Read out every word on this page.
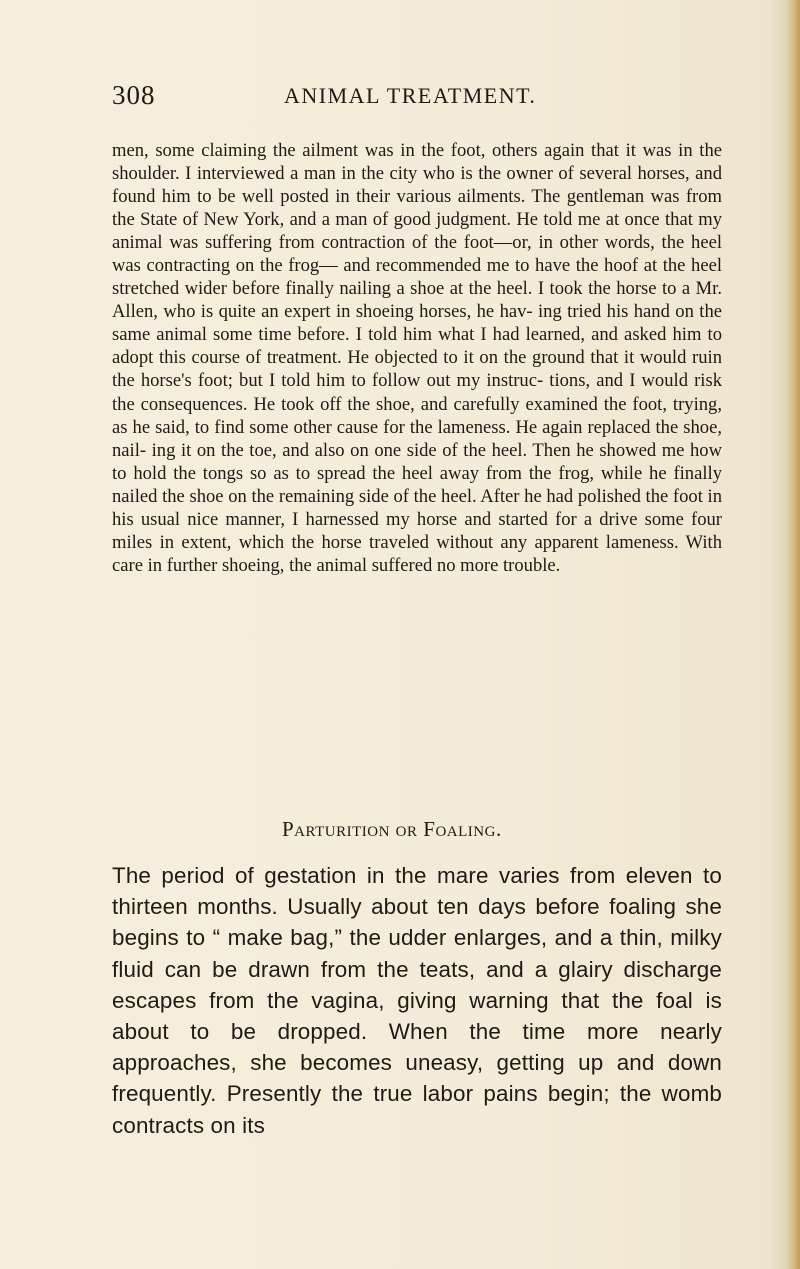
308	ANIMAL TREATMENT.

men, some claiming the ailment was in the foot, others again that it was in the shoulder. I interviewed a man in the city who is the owner of several horses, and found him to be well posted in their various ailments. The gentleman was from the State of New York, and a man of good judgment. He told me at once that my animal was suffering from contraction of the foot—or, in other words, the heel was contracting on the frog— and recommended me to have the hoof at the heel stretched wider before finally nailing a shoe at the heel. I took the horse to a Mr. Allen, who is quite an expert in shoeing horses, he hav- ing tried his hand on the same animal some time before. I told him what I had learned, and asked him to adopt this course of treatment. He objected to it on the ground that it would ruin the horse's foot; but I told him to follow out my instruc- tions, and I would risk the consequences. He took off the shoe, and carefully examined the foot, trying, as he said, to find some other cause for the lameness. He again replaced the shoe, nail- ing it on the toe, and also on one side of the heel. Then he showed me how to hold the tongs so as to spread the heel away from the frog, while he finally nailed the shoe on the remaining side of the heel. After he had polished the foot in his usual nice manner, I harnessed my horse and started for a drive some four miles in extent, which the horse traveled without any apparent lameness. With care in further shoeing, the animal suffered no more trouble.

Parturition or Foaling.

The period of gestation in the mare varies from eleven to thirteen months. Usually about ten days before foaling she begins to “ make bag,” the udder enlarges, and a thin, milky fluid can be drawn from the teats, and a glairy discharge escapes from the vagina, giving warning that the foal is about to be dropped. When the time more nearly approaches, she becomes uneasy, getting up and down frequently. Presently the true labor pains begin; the womb contracts on its
